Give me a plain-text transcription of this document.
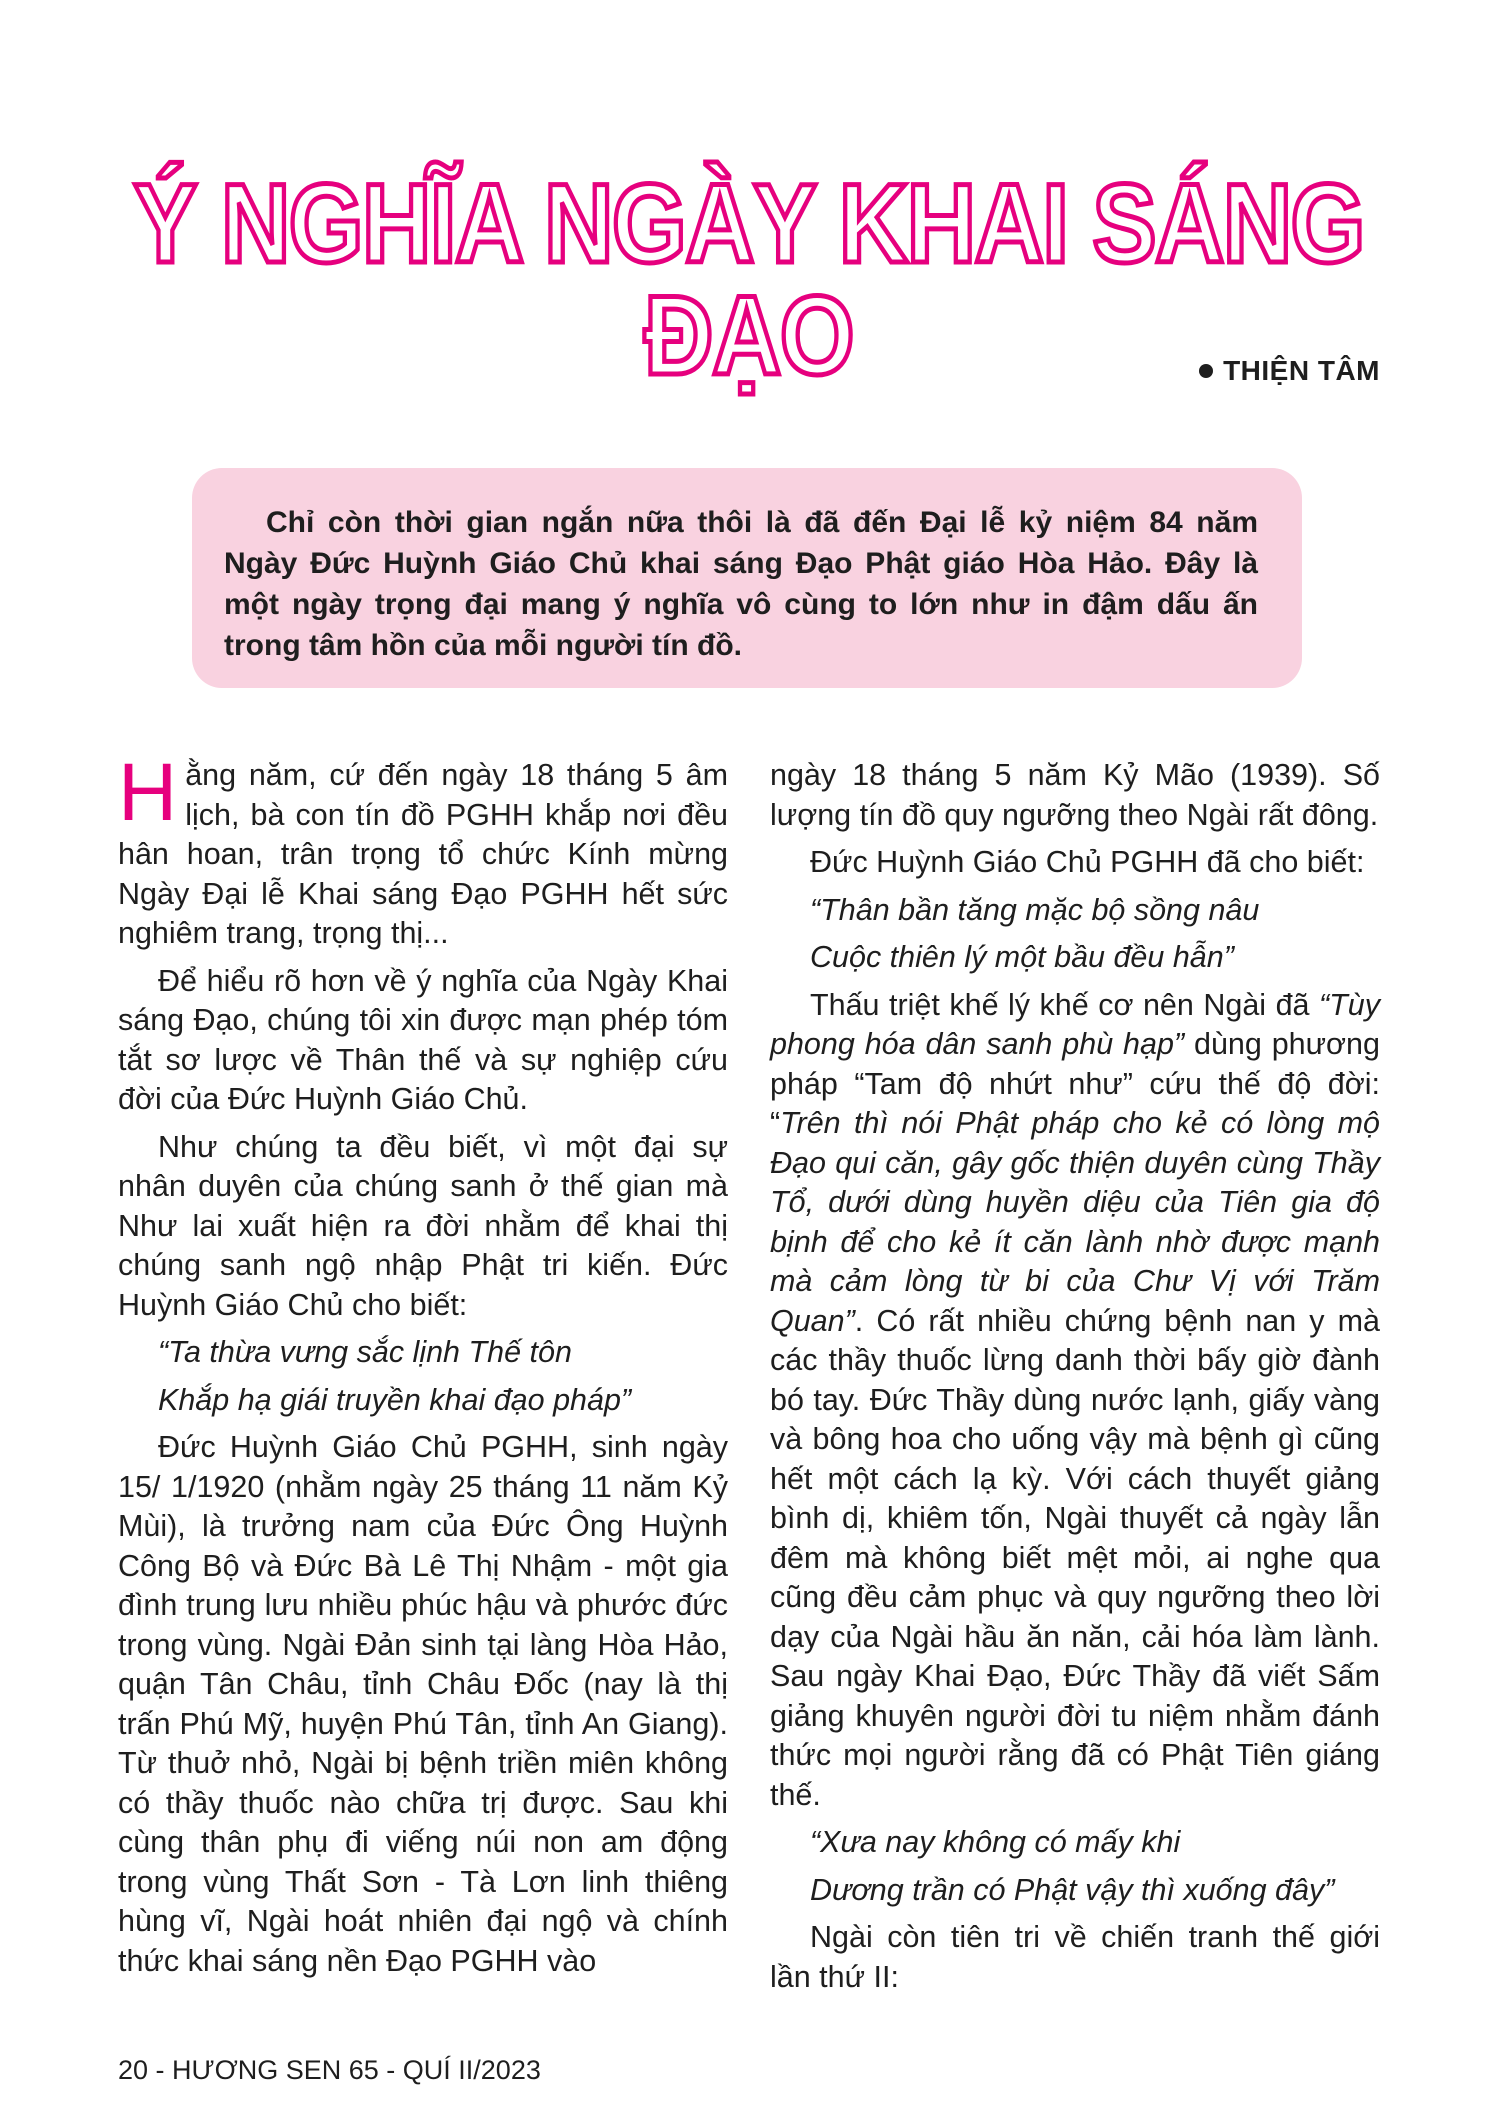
Ý NGHĨA NGÀY KHAI SÁNG ĐẠO	THIỆN TÂM

Chỉ còn thời gian ngắn nữa thôi là đã đến Đại lễ kỷ niệm 84 năm Ngày Đức Huỳnh Giáo Chủ khai sáng Đạo Phật giáo Hòa Hảo. Đây là một ngày trọng đại mang ý nghĩa vô cùng to lớn như in đậm dấu ấn trong tâm hồn của mỗi người tín đồ.

Hằng năm, cứ đến ngày 18 tháng 5 âm lịch, bà con tín đồ PGHH khắp nơi đều hân hoan, trân trọng tổ chức Kính mừng Ngày Đại lễ Khai sáng Đạo PGHH hết sức nghiêm trang, trọng thị...

Để hiểu rõ hơn về ý nghĩa của Ngày Khai sáng Đạo, chúng tôi xin được mạn phép tóm tắt sơ lược về Thân thế và sự nghiệp cứu đời của Đức Huỳnh Giáo Chủ.

Như chúng ta đều biết, vì một đại sự nhân duyên của chúng sanh ở thế gian mà Như lai xuất hiện ra đời nhằm để khai thị chúng sanh ngộ nhập Phật tri kiến. Đức Huỳnh Giáo Chủ cho biết:

“Ta thừa vưng sắc lịnh Thế tôn

Khắp hạ giái truyền khai đạo pháp”

Đức Huỳnh Giáo Chủ PGHH, sinh ngày 15/ 1/1920 (nhằm ngày 25 tháng 11 năm Kỷ Mùi), là trưởng nam của Đức Ông Huỳnh Công Bộ và Đức Bà Lê Thị Nhậm - một gia đình trung lưu nhiều phúc hậu và phước đức trong vùng. Ngài Đản sinh tại làng Hòa Hảo, quận Tân Châu, tỉnh Châu Đốc (nay là thị trấn Phú Mỹ, huyện Phú Tân, tỉnh An Giang). Từ thuở nhỏ, Ngài bị bệnh triền miên không có thầy thuốc nào chữa trị được. Sau khi cùng thân phụ đi viếng núi non am động trong vùng Thất Sơn - Tà Lơn linh thiêng hùng vĩ, Ngài hoát nhiên đại ngộ và chính thức khai sáng nền Đạo PGHH vào

ngày 18 tháng 5 năm Kỷ Mão (1939). Số lượng tín đồ quy ngưỡng theo Ngài rất đông.

Đức Huỳnh Giáo Chủ PGHH đã cho biết:

“Thân bần tăng mặc bộ sồng nâu

Cuộc thiên lý một bầu đều hẫn”

Thấu triệt khế lý khế cơ nên Ngài đã “Tùy phong hóa dân sanh phù hạp” dùng phương pháp “Tam độ nhứt như” cứu thế độ đời: “Trên thì nói Phật pháp cho kẻ có lòng mộ Đạo qui căn, gây gốc thiện duyên cùng Thầy Tổ, dưới dùng huyền diệu của Tiên gia độ bịnh để cho kẻ ít căn lành nhờ được mạnh mà cảm lòng từ bi của Chư Vị với Trăm Quan”. Có rất nhiều chứng bệnh nan y mà các thầy thuốc lừng danh thời bấy giờ đành bó tay. Đức Thầy dùng nước lạnh, giấy vàng và bông hoa cho uống vậy mà bệnh gì cũng hết một cách lạ kỳ. Với cách thuyết giảng bình dị, khiêm tốn, Ngài thuyết cả ngày lẫn đêm mà không biết mệt mỏi, ai nghe qua cũng đều cảm phục và quy ngưỡng theo lời dạy của Ngài hầu ăn năn, cải hóa làm lành. Sau ngày Khai Đạo, Đức Thầy đã viết Sấm giảng khuyên người đời tu niệm nhằm đánh thức mọi người rằng đã có Phật Tiên giáng thế.

“Xưa nay không có mấy khi

Dương trần có Phật vậy thì xuống đây”

Ngài còn tiên tri về chiến tranh thế giới lần thứ II:

20 - HƯƠNG SEN 65 - QUÍ II/2023
